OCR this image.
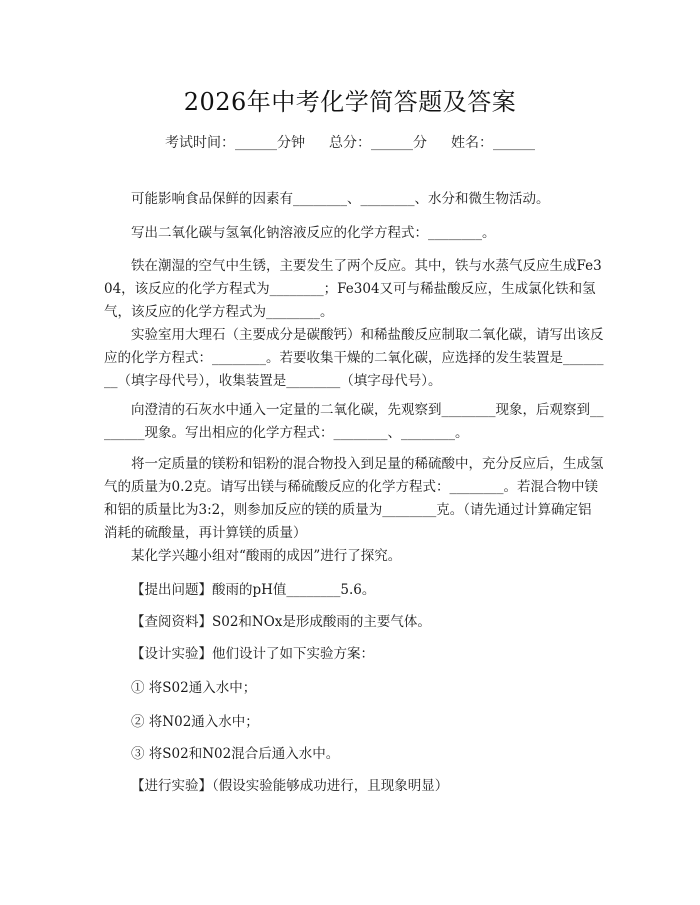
2026年中考化学简答题及答案
考试时间：______分钟 总分：______分 姓名：______

可能影响食品保鲜的因素有________、________、水分和微生物活动。

写出二氧化碳与氢氧化钠溶液反应的化学方程式：________。

铁在潮湿的空气中生锈，主要发生了两个反应。其中，铁与水蒸气反应生成Fe304，该反应的化学方程式为________；Fe304又可与稀盐酸反应，生成氯化铁和氢气，该反应的化学方程式为________。

实验室用大理石（主要成分是碳酸钙）和稀盐酸反应制取二氧化碳，请写出该反应的化学方程式：________。若要收集干燥的二氧化碳，应选择的发生装置是________（填字母代号），收集装置是________（填字母代号）。

向澄清的石灰水中通入一定量的二氧化碳，先观察到________现象，后观察到________现象。写出相应的化学方程式：________、________。

将一定质量的镁粉和铝粉的混合物投入到足量的稀硫酸中，充分反应后，生成氢气的质量为0.2克。请写出镁与稀硫酸反应的化学方程式：________。若混合物中镁和铝的质量比为3:2，则参加反应的镁的质量为________克。（请先通过计算确定铝消耗的硫酸量，再计算镁的质量）

某化学兴趣小组对“酸雨的成因”进行了探究。

【提出问题】酸雨的pH值________5.6。

【查阅资料】S02和NOx是形成酸雨的主要气体。

【设计实验】他们设计了如下实验方案：

① 将S02通入水中；

② 将N02通入水中；

③ 将S02和N02混合后通入水中。

【进行实验】（假设实验能够成功进行，且现象明显）
